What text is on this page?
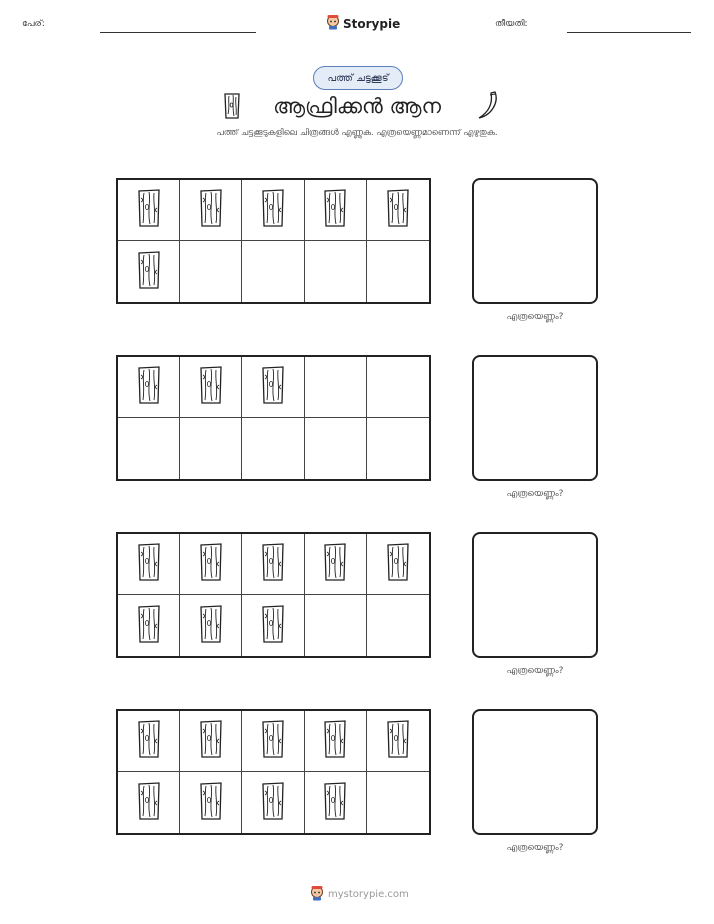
പേര്:	Storypie	തീയതി:
പത്ത് ചട്ടക്കൂട്
ആഫ്രിക്കൻ ആന
പത്ത് ചട്ടക്കൂടുകളിലെ ചിത്രങ്ങൾ എണ്ണുക. എത്രയെണ്ണമാണെന്ന് എഴുതുക.
എത്രയെണ്ണം?
എത്രയെണ്ണം?
എത്രയെണ്ണം?
എത്രയെണ്ണം?
mystorypie.com
